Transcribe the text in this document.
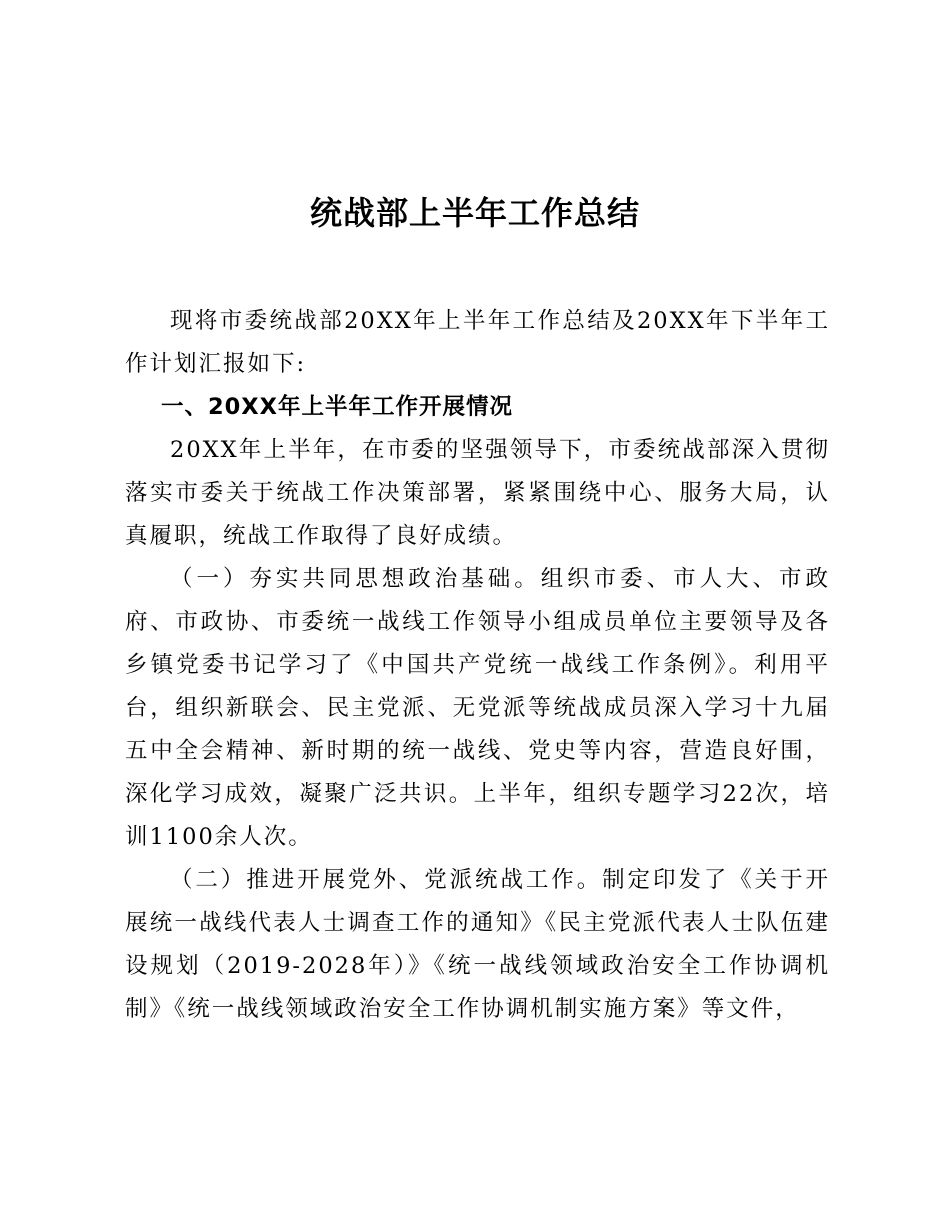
统战部上半年工作总结

现将市委统战部20XX年上半年工作总结及20XX年下半年工作计划汇报如下:

一、20XX年上半年工作开展情况

20XX年上半年，在市委的坚强领导下，市委统战部深入贯彻落实市委关于统战工作决策部署，紧紧围绕中心、服务大局，认真履职，统战工作取得了良好成绩。

（一）夯实共同思想政治基础。组织市委、市人大、市政府、市政协、市委统一战线工作领导小组成员单位主要领导及各乡镇党委书记学习了《中国共产党统一战线工作条例》。利用平台，组织新联会、民主党派、无党派等统战成员深入学习十九届五中全会精神、新时期的统一战线、党史等内容，营造良好围，深化学习成效，凝聚广泛共识。上半年，组织专题学习22次，培训1100余人次。

（二）推进开展党外、党派统战工作。制定印发了《关于开展统一战线代表人士调查工作的通知》《民主党派代表人士队伍建设规划（2019-2028年）》《统一战线领域政治安全工作协调机制》《统一战线领域政治安全工作协调机制实施方案》等文件，
